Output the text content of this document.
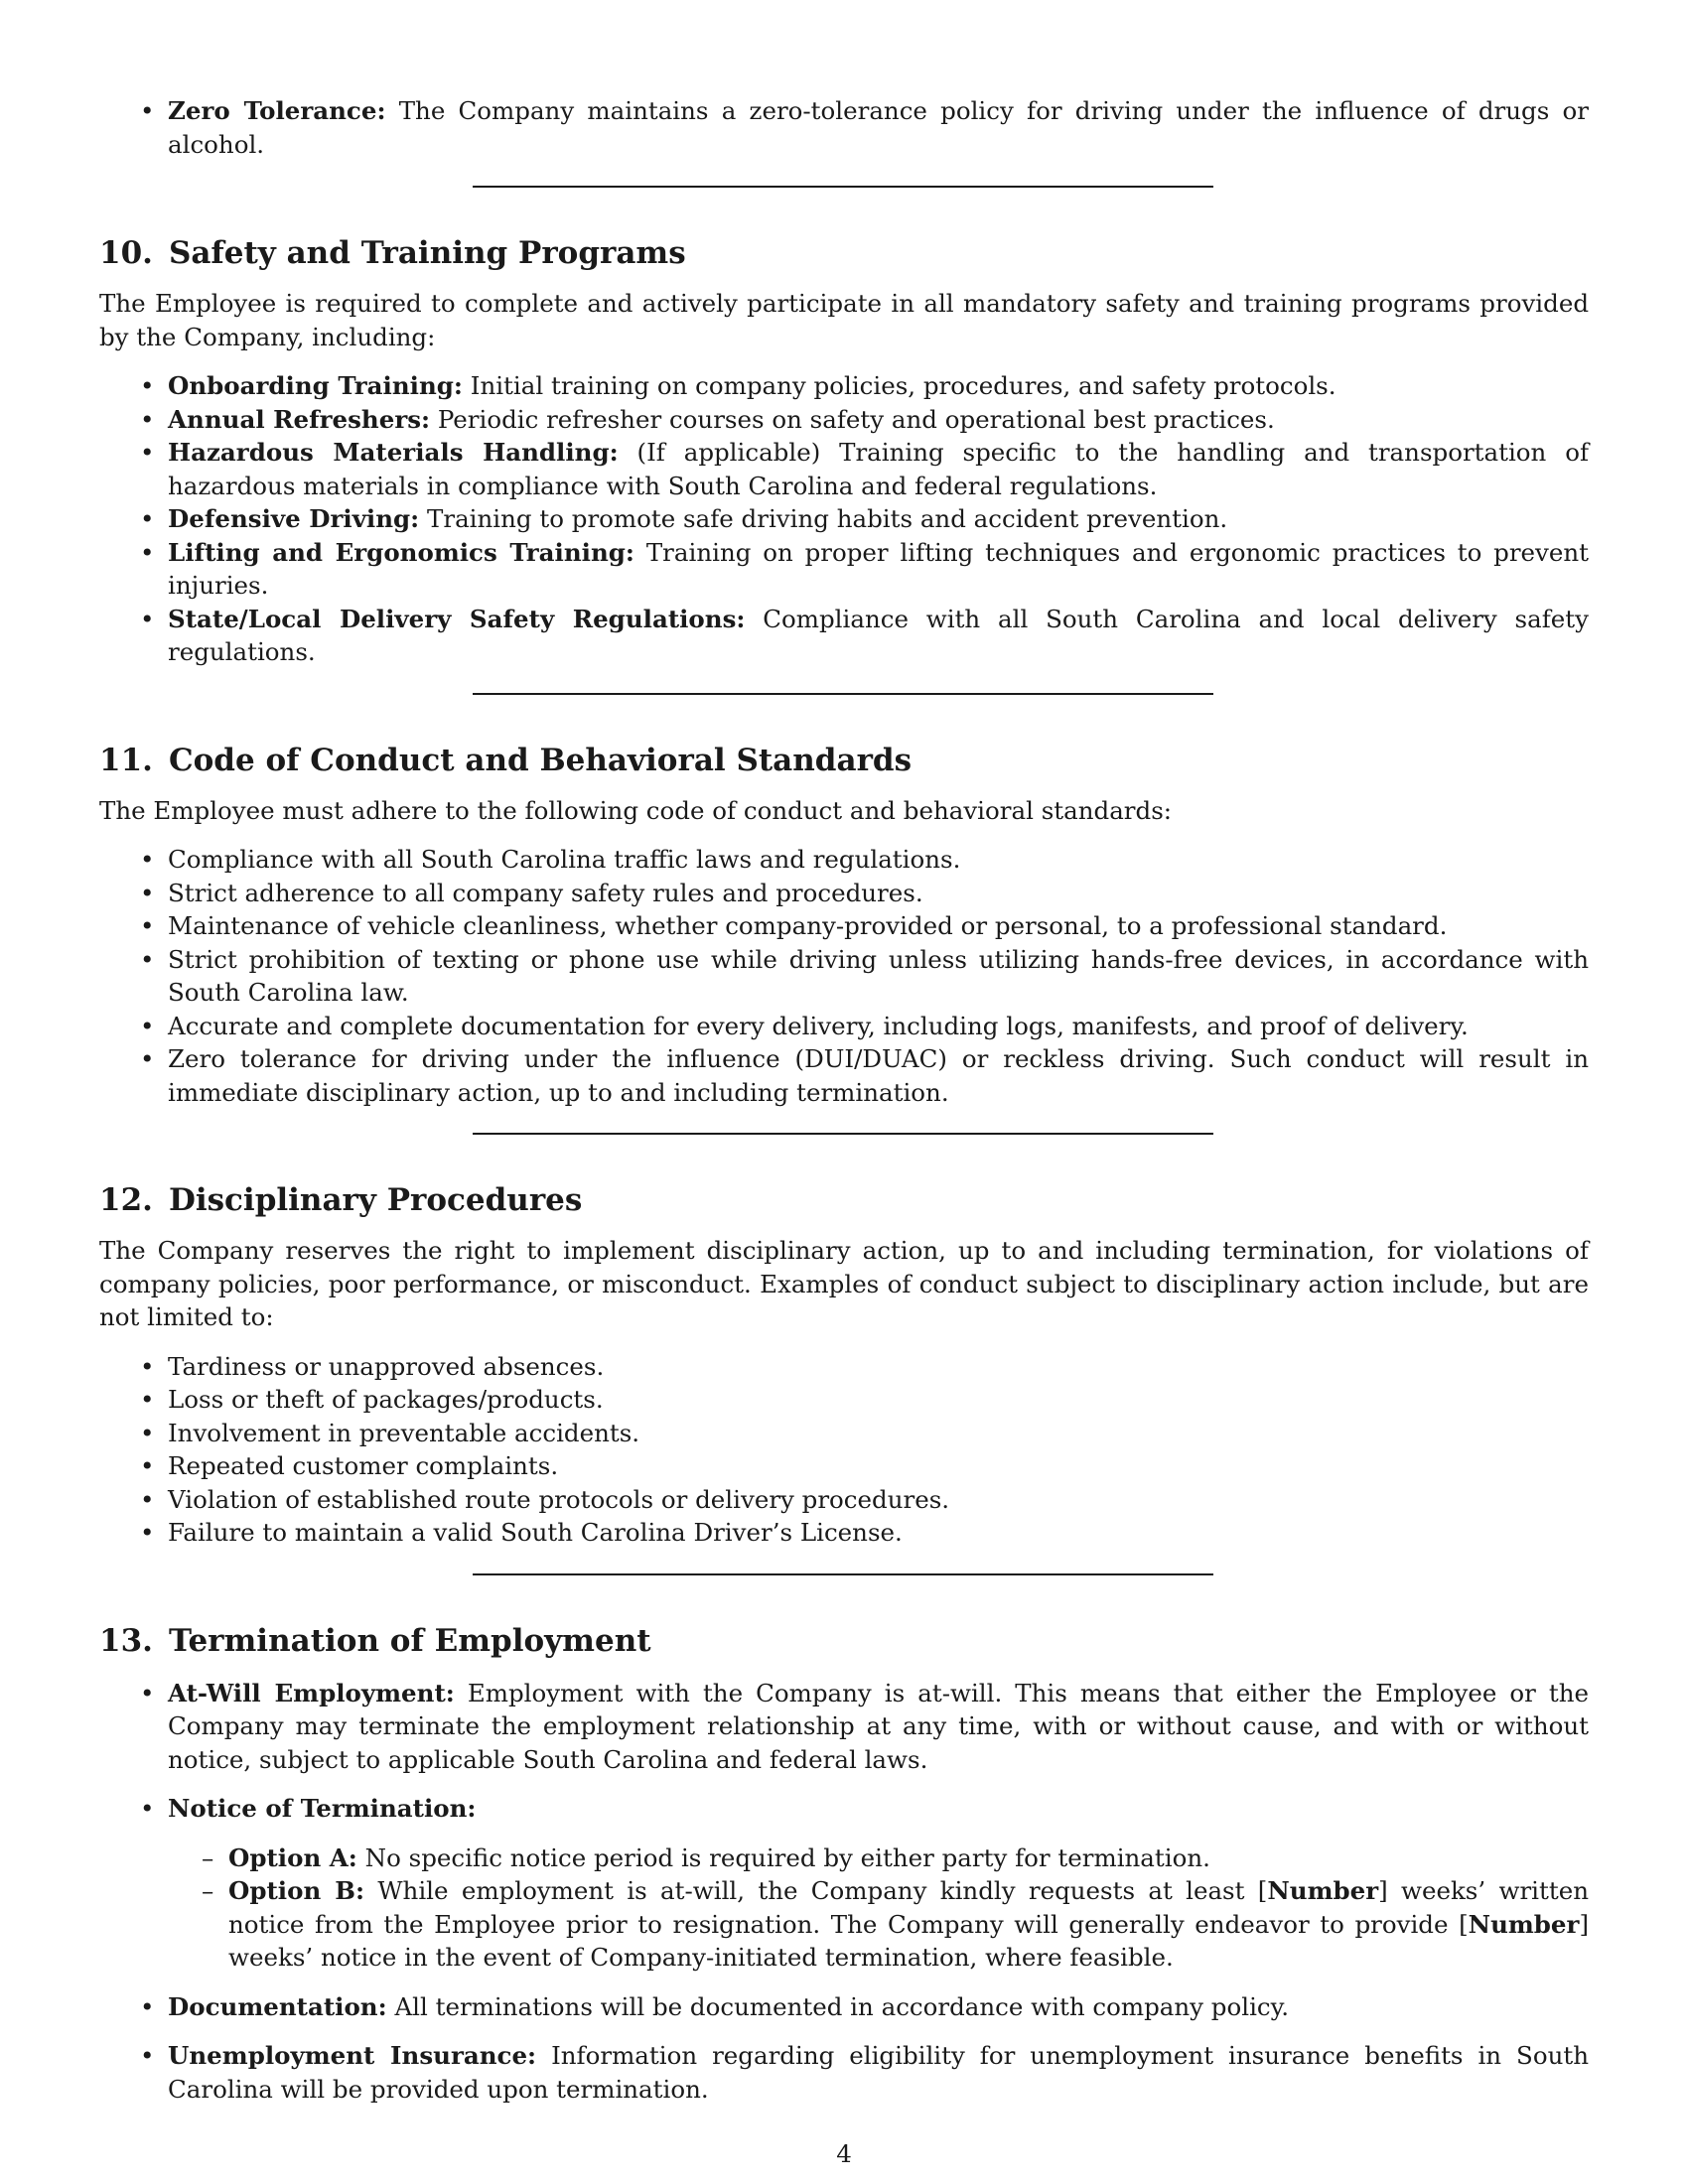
• Zero Tolerance: The Company maintains a zero-tolerance policy for driving under the influence of drugs or alcohol.
10. Safety and Training Programs

The Employee is required to complete and actively participate in all mandatory safety and training programs provided by the Company, including:

• Onboarding Training: Initial training on company policies, procedures, and safety protocols.
• Annual Refreshers: Periodic refresher courses on safety and operational best practices.
• Hazardous Materials Handling: (If applicable) Training specific to the handling and transportation of hazardous materials in compliance with South Carolina and federal regulations.
• Defensive Driving: Training to promote safe driving habits and accident prevention.
• Lifting and Ergonomics Training: Training on proper lifting techniques and ergonomic practices to prevent injuries.
• State/Local Delivery Safety Regulations: Compliance with all South Carolina and local delivery safety regulations.
11. Code of Conduct and Behavioral Standards

The Employee must adhere to the following code of conduct and behavioral standards:

• Compliance with all South Carolina traffic laws and regulations.
• Strict adherence to all company safety rules and procedures.
• Maintenance of vehicle cleanliness, whether company-provided or personal, to a professional standard.
• Strict prohibition of texting or phone use while driving unless utilizing hands-free devices, in accordance with South Carolina law.
• Accurate and complete documentation for every delivery, including logs, manifests, and proof of delivery.
• Zero tolerance for driving under the influence (DUI/DUAC) or reckless driving. Such conduct will result in immediate disciplinary action, up to and including termination.
12. Disciplinary Procedures

The Company reserves the right to implement disciplinary action, up to and including termination, for violations of company policies, poor performance, or misconduct. Examples of conduct subject to disciplinary action include, but are not limited to:

• Tardiness or unapproved absences.
• Loss or theft of packages/products.
• Involvement in preventable accidents.
• Repeated customer complaints.
• Violation of established route protocols or delivery procedures.
• Failure to maintain a valid South Carolina Driver’s License.
13. Termination of Employment
• At-Will Employment: Employment with the Company is at-will. This means that either the Employee or the Company may terminate the employment relationship at any time, with or without cause, and with or without notice, subject to applicable South Carolina and federal laws.
• Notice of Termination:
– Option A: No specific notice period is required by either party for termination.
– Option B: While employment is at-will, the Company kindly requests at least [Number] weeks’ written notice from the Employee prior to resignation. The Company will generally endeavor to provide [Number] weeks’ notice in the event of Company-initiated termination, where feasible.
• Documentation: All terminations will be documented in accordance with company policy.
• Unemployment Insurance: Information regarding eligibility for unemployment insurance benefits in South Carolina will be provided upon termination.
4
